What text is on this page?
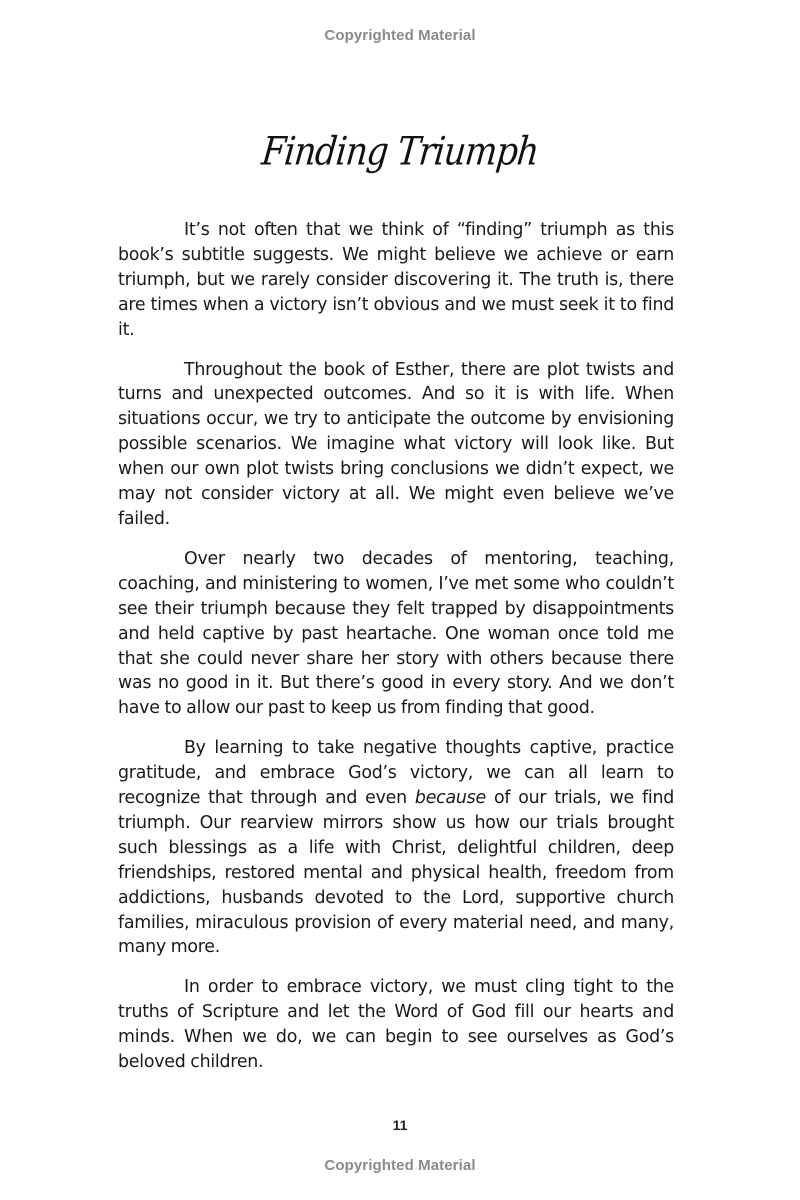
Copyrighted Material
Finding Triumph

It’s not often that we think of “finding” triumph as this book’s subtitle suggests. We might believe we achieve or earn triumph, but we rarely consider discovering it. The truth is, there are times when a victory isn’t obvious and we must seek it to find it.

Throughout the book of Esther, there are plot twists and turns and unexpected outcomes. And so it is with life. When situations occur, we try to anticipate the outcome by envisioning possible scenarios. We imagine what victory will look like. But when our own plot twists bring conclusions we didn’t expect, we may not consider victory at all. We might even believe we’ve failed.

Over nearly two decades of mentoring, teaching, coaching, and ministering to women, I’ve met some who couldn’t see their triumph because they felt trapped by disappointments and held captive by past heartache. One woman once told me that she could never share her story with others because there was no good in it. But there’s good in every story. And we don’t have to allow our past to keep us from finding that good.

By learning to take negative thoughts captive, practice gratitude, and embrace God’s victory, we can all learn to recognize that through and even because of our trials, we find triumph. Our rearview mirrors show us how our trials brought such blessings as a life with Christ, delightful children, deep friendships, restored mental and physical health, freedom from addictions, husbands devoted to the Lord, supportive church families, miraculous provision of every material need, and many, many more.

In order to embrace victory, we must cling tight to the truths of Scripture and let the Word of God fill our hearts and minds. When we do, we can begin to see ourselves as God’s beloved children.

11
Copyrighted Material
